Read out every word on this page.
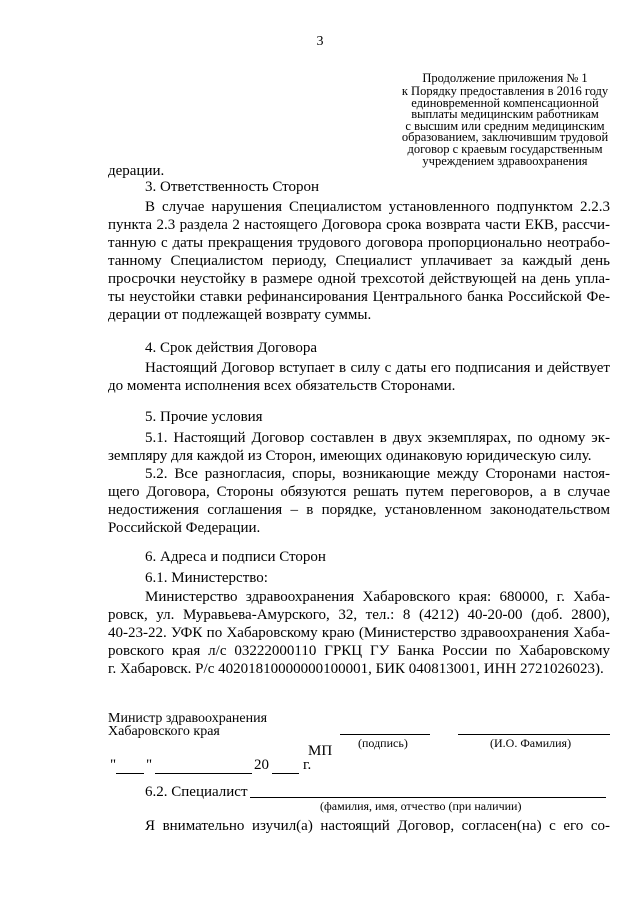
3
Продолжение приложения № 1
к Порядку предоставления в 2016 году
единовременной компенсационной
выплаты медицинским работникам
с высшим или средним медицинским
образованием, заключившим трудовой
договор с краевым государственным
учреждением здравоохранения
дерации.
3. Ответственность Сторон
В случае нарушения Специалистом установленного подпунктом 2.2.3
пункта 2.3 раздела 2 настоящего Договора срока возврата части ЕКВ, рассчи-
танную с даты прекращения трудового договора пропорционально неотрабо-
танному Специалистом периоду, Специалист уплачивает за каждый день
просрочки неустойку в размере одной трехсотой действующей на день упла-
ты неустойки ставки рефинансирования Центрального банка Российской Фе-
дерации от подлежащей возврату суммы.
4. Срок действия Договора
Настоящий Договор вступает в силу с даты его подписания и действует
до момента исполнения всех обязательств Сторонами.
5. Прочие условия
5.1. Настоящий Договор составлен в двух экземплярах, по одному эк-
земпляру для каждой из Сторон, имеющих одинаковую юридическую силу.
5.2. Все разногласия, споры, возникающие между Сторонами настоя-
щего Договора, Стороны обязуются решать путем переговоров, а в случае
недостижения соглашения – в порядке, установленном законодательством
Российской Федерации.
6. Адреса и подписи Сторон
6.1. Министерство:
Министерство здравоохранения Хабаровского края: 680000, г. Хаба-
ровск, ул. Муравьева-Амурского, 32, тел.: 8 (4212) 40-20-00 (доб. 2800),
40-23-22. УФК по Хабаровскому краю (Министерство здравоохранения Хаба-
ровского края л/с 03222000110 ГРКЦ ГУ Банка России по Хабаровскому
г. Хабаровск. Р/с 40201810000000100001, БИК 040813001, ИНН 2721026023).
Министр здравоохранения
Хабаровского края
(подпись)	(И.О. Фамилия)
МП
" "	20	г.
6.2. Специалист
(фамилия, имя, отчество (при наличии)
Я внимательно изучил(а) настоящий Договор, согласен(на) с его со-
